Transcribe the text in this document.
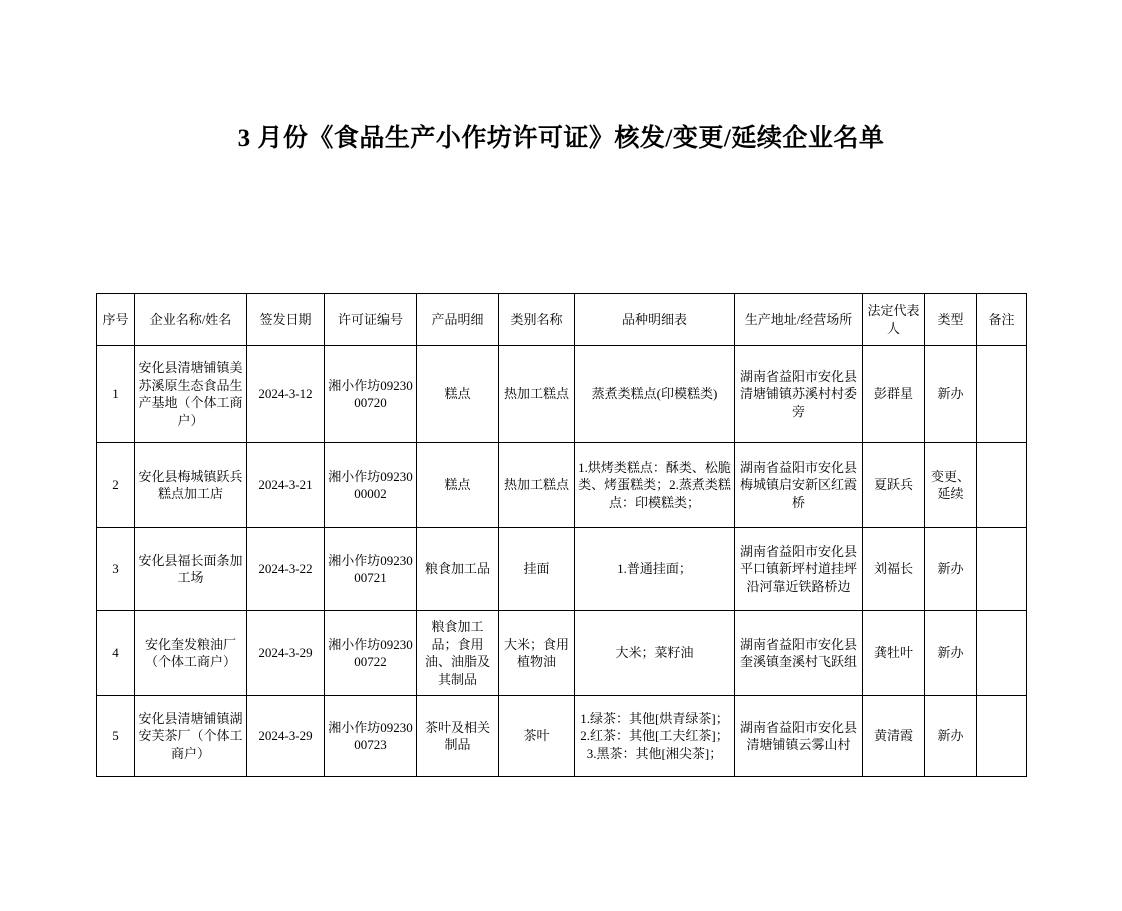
3 月份《食品生产小作坊许可证》核发/变更/延续企业名单
序号	企业名称/姓名	签发日期	许可证编号	产品明细	类别名称	品种明细表	生产地址/经营场所	法定代表人	类型	备注
1	安化县清塘铺镇美苏溪原生态食品生产基地（个体工商户）	2024-3-12	湘小作坊0923000720	糕点	热加工糕点	蒸煮类糕点(印模糕类)	湖南省益阳市安化县清塘铺镇苏溪村村委旁	彭群星	新办	
2	安化县梅城镇跃兵糕点加工店	2024-3-21	湘小作坊0923000002	糕点	热加工糕点	1.烘烤类糕点：酥类、松脆类、烤蛋糕类；2.蒸煮类糕点：印模糕类；	湖南省益阳市安化县梅城镇启安新区红霞桥	夏跃兵	变更、延续	
3	安化县福长面条加工场	2024-3-22	湘小作坊0923000721	粮食加工品	挂面	1.普通挂面；	湖南省益阳市安化县平口镇新坪村道挂坪沿河靠近铁路桥边	刘福长	新办	
4	安化奎发粮油厂（个体工商户）	2024-3-29	湘小作坊0923000722	粮食加工品；食用油、油脂及其制品	大米；食用植物油	大米；菜籽油	湖南省益阳市安化县奎溪镇奎溪村飞跃组	龚牡叶	新办	
5	安化县清塘铺镇湖安芙茶厂（个体工商户）	2024-3-29	湘小作坊0923000723	茶叶及相关制品	茶叶	1.绿茶：其他[烘青绿茶]；2.红茶：其他[工夫红茶]；3.黑茶：其他[湘尖茶]；	湖南省益阳市安化县清塘铺镇云雾山村	黄清霞	新办	
